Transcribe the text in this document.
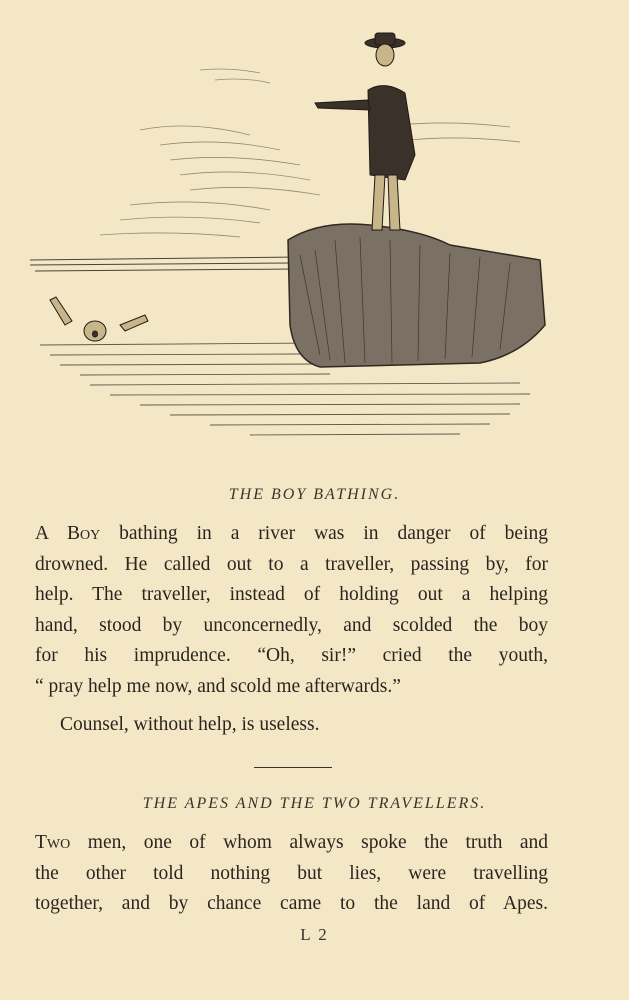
THE BOY BATHING.
A Boy bathing in a river was in danger of being
drowned. He called out to a traveller, passing by, for
help. The traveller, instead of holding out a helping
hand, stood by unconcernedly, and scolded the boy
for his imprudence. “Oh, sir!” cried the youth,
“ pray help me now, and scold me afterwards.”
Counsel, without help, is useless.
THE APES AND THE TWO TRAVELLERS.
Two men, one of whom always spoke the truth and
the other told nothing but lies, were travelling
together, and by chance came to the land of Apes.
L 2
